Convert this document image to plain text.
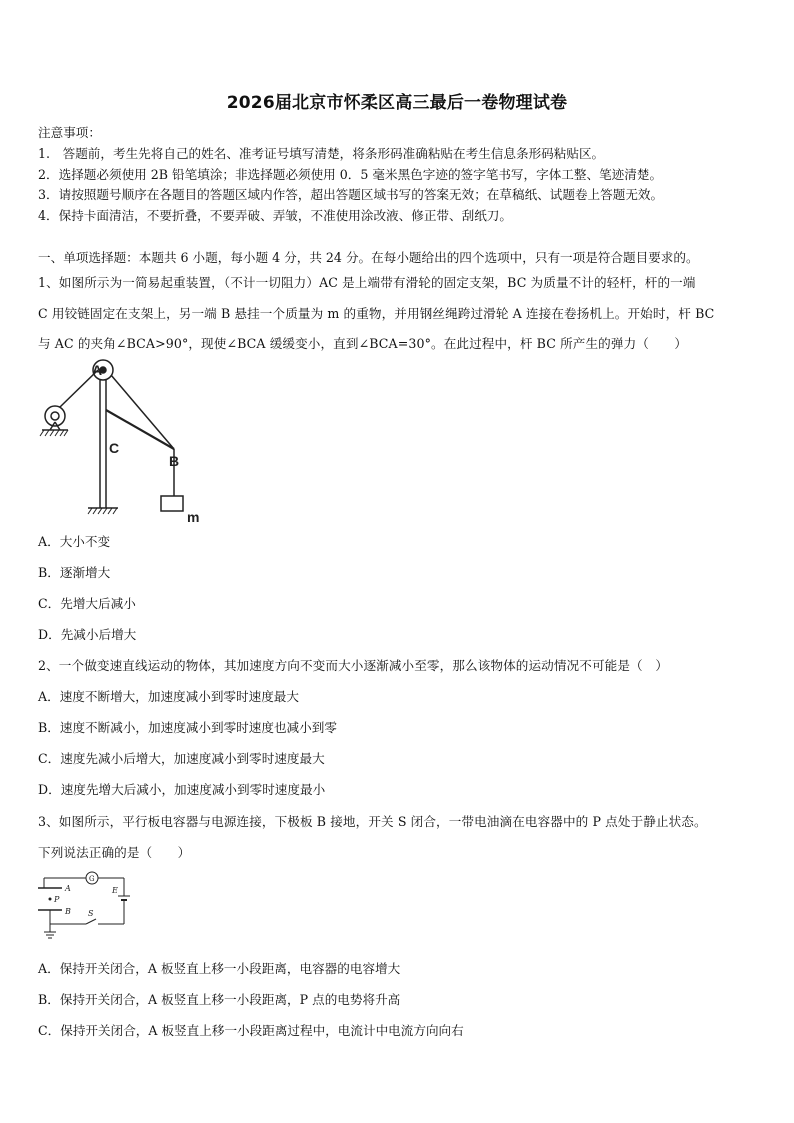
2026届北京市怀柔区高三最后一卷物理试卷
注意事项：
1.　答题前，考生先将自己的姓名、准考证号填写清楚，将条形码准确粘贴在考生信息条形码粘贴区。
2．选择题必须使用 2B 铅笔填涂；非选择题必须使用 0．5 毫米黑色字迹的签字笔书写，字体工整、笔迹清楚。
3．请按照题号顺序在各题目的答题区域内作答，超出答题区域书写的答案无效；在草稿纸、试题卷上答题无效。
4．保持卡面清洁，不要折叠，不要弄破、弄皱，不准使用涂改液、修正带、刮纸刀。
一、单项选择题：本题共 6 小题，每小题 4 分，共 24 分。在每小题给出的四个选项中，只有一项是符合题目要求的。
1、如图所示为一简易起重装置，（不计一切阻力）AC 是上端带有滑轮的固定支架，BC 为质量不计的轻杆，杆的一端
C 用铰链固定在支架上，另一端 B 悬挂一个质量为 m 的重物，并用钢丝绳跨过滑轮 A 连接在卷扬机上。开始时，杆 BC
与 AC 的夹角∠BCA>90°，现使∠BCA 缓缓变小，直到∠BCA=30°。在此过程中，杆 BC 所产生的弹力（　　）
A
C
B
m
A．大小不变
B．逐渐增大
C．先增大后减小
D．先减小后增大
2、一个做变速直线运动的物体，其加速度方向不变而大小逐渐减小至零，那么该物体的运动情况不可能是（　）
A．速度不断增大，加速度减小到零时速度最大
B．速度不断减小，加速度减小到零时速度也减小到零
C．速度先减小后增大，加速度减小到零时速度最大
D．速度先增大后减小，加速度减小到零时速度最小
3、如图所示，平行板电容器与电源连接，下极板 B 接地，开关 S 闭合，一带电油滴在电容器中的 P 点处于静止状态。
下列说法正确的是（　　）
G
A
P
B
E
S
A．保持开关闭合，A 板竖直上移一小段距离，电容器的电容增大
B．保持开关闭合，A 板竖直上移一小段距离，P 点的电势将升高
C．保持开关闭合，A 板竖直上移一小段距离过程中，电流计中电流方向向右
